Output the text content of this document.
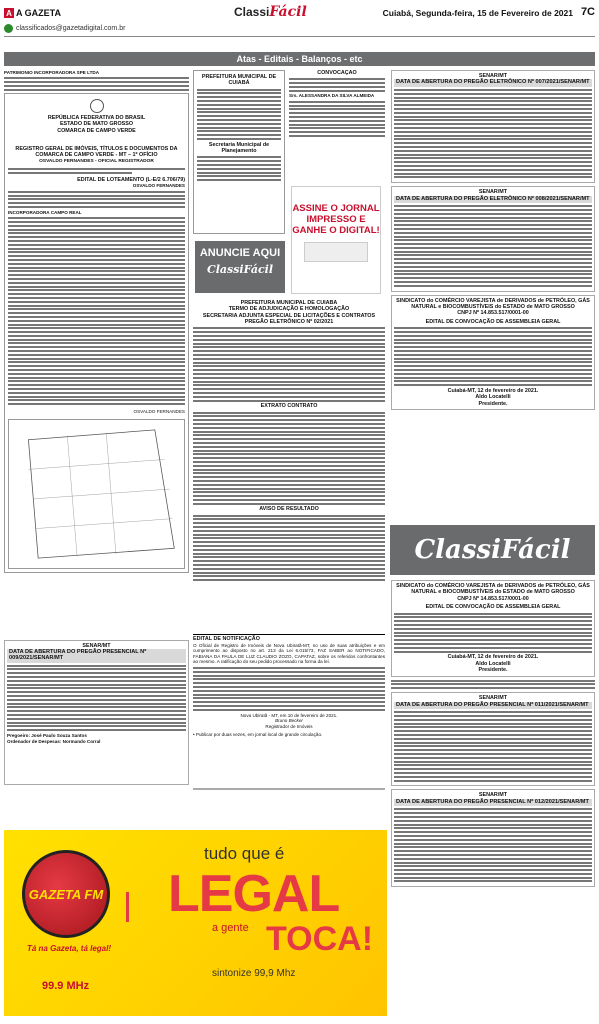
A A GAZETA	ClassiFácil	Cuiabá, Segunda-feira, 15 de Fevereiro de 2021 7C
classificados@gazetadigital.com.br
Atas - Editais - Balanços - etc
PATRIMONIO INCORPORADORA SPE LTDA
REPÚBLICA FEDERATIVA DO BRASIL
ESTADO DE MATO GROSSO
COMARCA DE CAMPO VERDE
REGISTRO GERAL DE IMÓVEIS, TÍTULOS E DOCUMENTOS DA COMARCA DE CAMPO VERDE - MT – 1º OFÍCIO
OSVALDO FERNANDES - OFICIAL REGISTRADOR
EDITAL DE LOTEAMENTO (L-E/2 6.706/79)
OSVALDO FERNANDES
INCORPORADORA CAMPO REAL
OSVALDO FERNANDES
PREFEITURA MUNICIPAL DE CUIABÁ
Secretaria Municipal de Planejamento
CONVOCAÇÃO
Srs. ALESSANDRA DA SILVA ALMEIDA
ASSINE O JORNAL IMPRESSO E GANHE O DIGITAL!
ANUNCIE AQUI
ClassiFácil
PREFEITURA MUNICIPAL DE CUIABÁ
TERMO DE ADJUDICAÇÃO E HOMOLOGAÇÃO
SECRETARIA ADJUNTA ESPECIAL DE LICITAÇÕES E CONTRATOS
PREGÃO ELETRÔNICO Nº 02/2021
EXTRATO CONTRATO
AVISO DE RESULTADO
EDITAL DE NOTIFICAÇÃO

O Oficial de Registro de Imóveis de Nova Ubiratã-MT, no uso de suas atribuições e em cumprimento ao disposto no art. 213 da Lei 6.015/73, FAZ SABER ao NOTIFICADO, FABIANA DA PAULA DE LUZ CLAUDIO ZOZO, CAPATAZ, sobre os referidos confrontantes ao mesmo. A ratificação do seu pedido processado na forma da lei.

Nova Ubiratã - MT, em 10 de fevereiro de 2021.
Bruno Becker
Registrador de Imóveis
• Publicar por duas vezes, em jornal local de grande circulação.
SENAR/MT
DATA DE ABERTURA DO PREGÃO PRESENCIAL Nº 009/2021/SENAR/MT
Pregoeiro: José Paulo Souza Santos
Ordenador de Despesas: Normando Corral
SENAR/MT
DATA DE ABERTURA DO PREGÃO ELETRÔNICO Nº 007/2021/SENAR/MT
SENAR/MT
DATA DE ABERTURA DO PREGÃO ELETRÔNICO Nº 008/2021/SENAR/MT
SINDICATO do COMÉRCIO VAREJISTA de DERIVADOS de PETRÓLEO, GÁS NATURAL e BIOCOMBUSTÍVEIS do ESTADO de MATO GROSSO
CNPJ Nº 14.853.517/0001-00
EDITAL DE CONVOCAÇÃO DE ASSEMBLEIA GERAL
Cuiabá-MT, 12 de fevereiro de 2021.
Aldo Locatelli
Presidente.
ClassiFácil
SINDICATO do COMÉRCIO VAREJISTA de DERIVADOS de PETRÓLEO, GÁS NATURAL e BIOCOMBUSTÍVEIS do ESTADO de MATO GROSSO
CNPJ Nº 14.853.517/0001-00
EDITAL DE CONVOCAÇÃO DE ASSEMBLEIA GERAL
Cuiabá-MT, 12 de fevereiro de 2021.
Aldo Locatelli
Presidente.
SENAR/MT
DATA DE ABERTURA DO PREGÃO PRESENCIAL Nº 011/2021/SENAR/MT
SENAR/MT
DATA DE ABERTURA DO PREGÃO PRESENCIAL Nº 012/2021/SENAR/MT
GAZETA FM
Tá na Gazeta, tá legal!
99.9 MHz
tudo que é
LEGAL
a gente TOCA!
sintonize 99,9 Mhz
